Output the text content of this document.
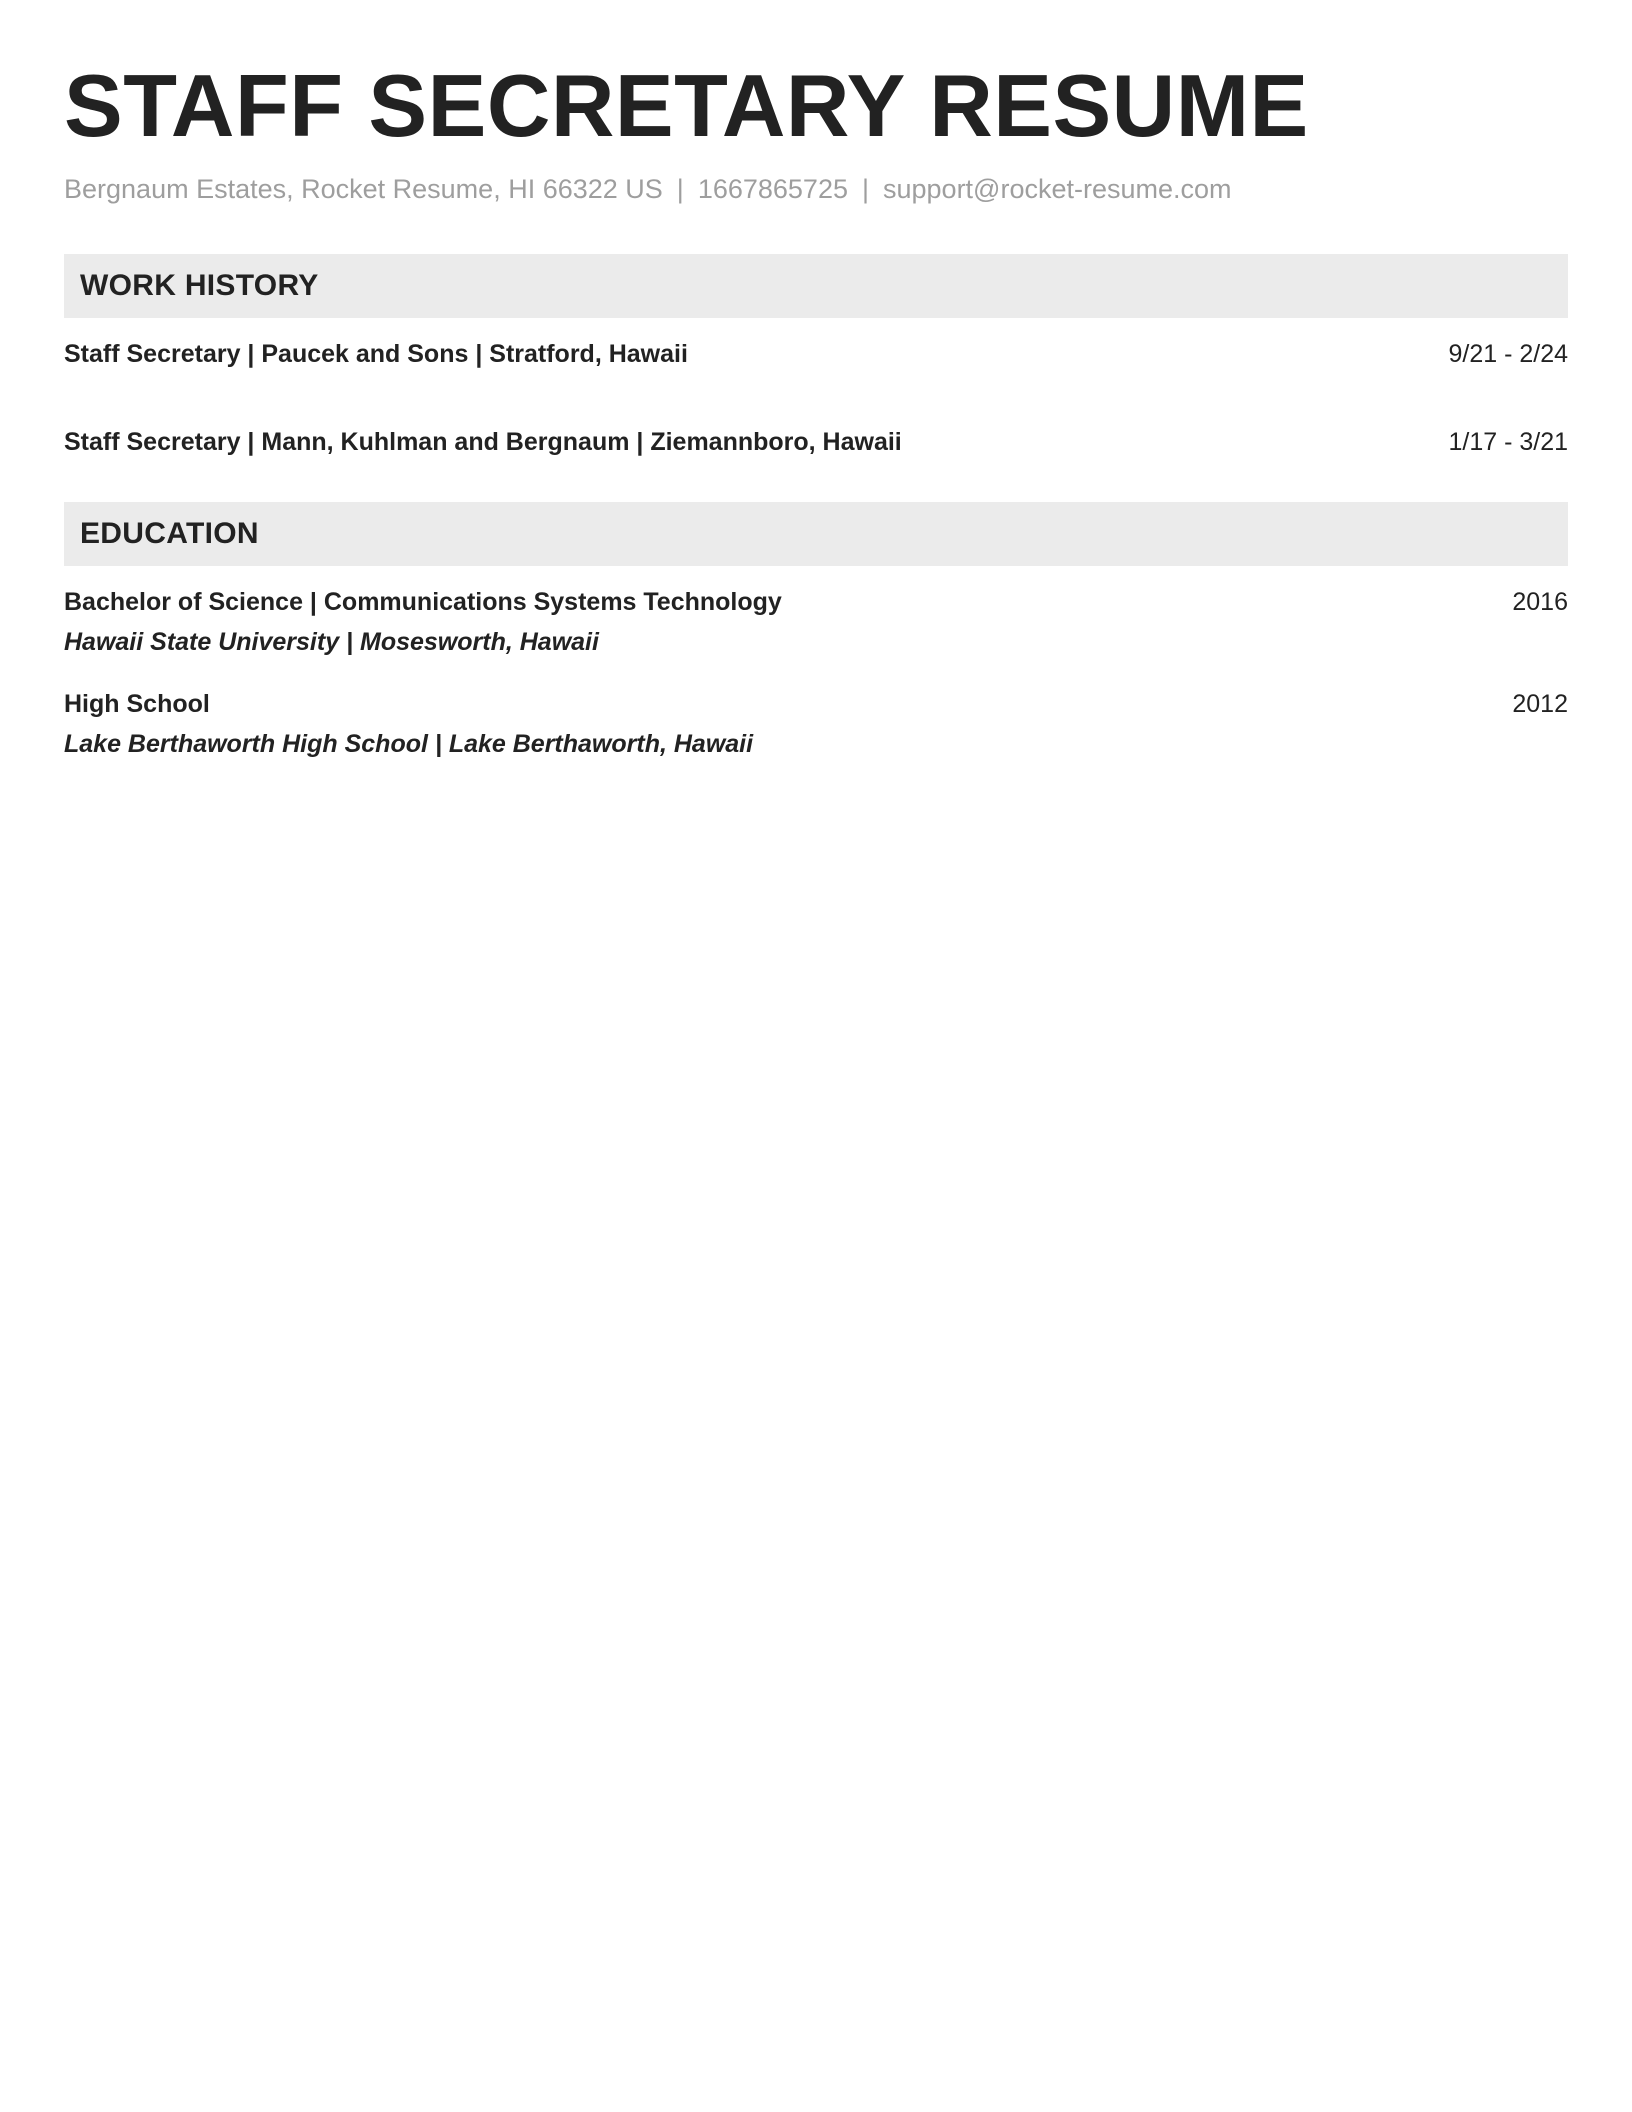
STAFF SECRETARY RESUME
Bergnaum Estates, Rocket Resume, HI 66322 US | 1667865725 | support@rocket-resume.com
WORK HISTORY
Staff Secretary | Paucek and Sons | Stratford, Hawaii	9/21 - 2/24
Staff Secretary | Mann, Kuhlman and Bergnaum | Ziemannboro, Hawaii	1/17 - 3/21
EDUCATION
Bachelor of Science | Communications Systems Technology	2016
Hawaii State University | Mosesworth, Hawaii
High School	2012
Lake Berthaworth High School | Lake Berthaworth, Hawaii
